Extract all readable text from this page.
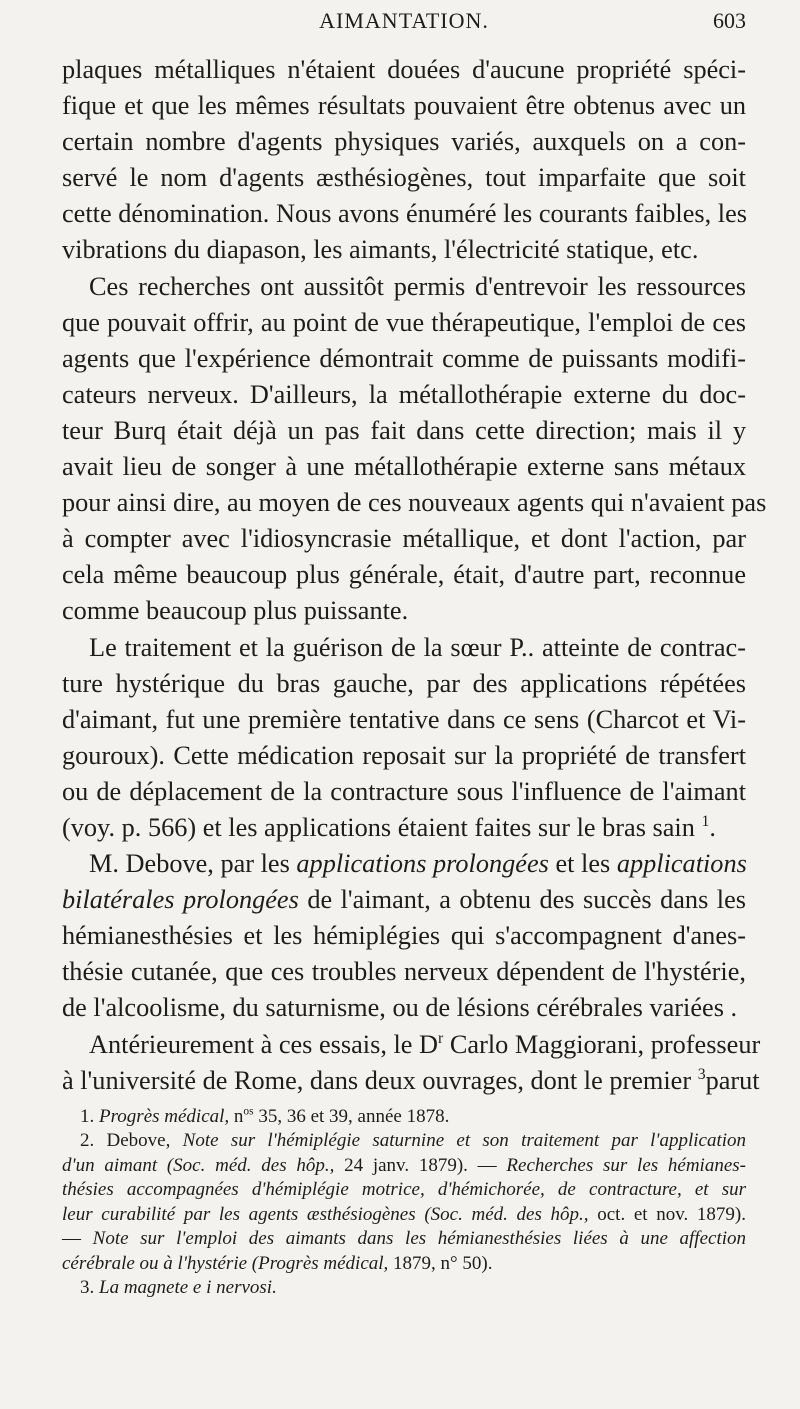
AIMANTATION.	603
plaques métalliques n'étaient douées d'aucune propriété spéci-
fique et que les mêmes résultats pouvaient être obtenus avec un
certain nombre d'agents physiques variés, auxquels on a con-
servé le nom d'agents æsthésiogènes, tout imparfaite que soit
cette dénomination. Nous avons énuméré les courants faibles, les
vibrations du diapason, les aimants, l'électricité statique, etc.
Ces recherches ont aussitôt permis d'entrevoir les ressources
que pouvait offrir, au point de vue thérapeutique, l'emploi de ces
agents que l'expérience démontrait comme de puissants modifi-
cateurs nerveux. D'ailleurs, la métallothérapie externe du doc-
teur Burq était déjà un pas fait dans cette direction; mais il y
avait lieu de songer à une métallothérapie externe sans métaux
pour ainsi dire, au moyen de ces nouveaux agents qui n'avaient pas
à compter avec l'idiosyncrasie métallique, et dont l'action, par
cela même beaucoup plus générale, était, d'autre part, reconnue
comme beaucoup plus puissante.
Le traitement et la guérison de la sœur P.. atteinte de contrac-
ture hystérique du bras gauche, par des applications répétées
d'aimant, fut une première tentative dans ce sens (Charcot et Vi-
gouroux). Cette médication reposait sur la propriété de transfert
ou de déplacement de la contracture sous l'influence de l'aimant
(voy. p. 566) et les applications étaient faites sur le bras sain $^1$.
M. Debove, par les applications prolongées et les applications
bilatérales prolongées de l'aimant, a obtenu des succès dans les
hémianesthésies et les hémiplégies qui s'accompagnent d'anes-
thésie cutanée, que ces troubles nerveux dépendent de l'hystérie,
de l'alcoolisme, du saturnisme, ou de lésions cérébrales variées .
Antérieurement à ces essais, le $D^r$ Carlo Maggiorani, professeur
à l'université de Rome, dans deux ouvrages, dont le premier $^3$parut
1. Progrès médical, $n^{os}$ 35, 36 et 39, année 1878.
2. Debove, Note sur l'hémiplégie saturnine et son traitement par l'application
d'un aimant (Soc. méd. des hôp., 24 janv. 1879). — Recherches sur les hémianes-
thésies accompagnées d'hémiplégie motrice, d'hémichorée, de contracture, et sur
leur curabilité par les agents æsthésiogènes (Soc. méd. des hôp., oct. et nov. 1879).
— Note sur l'emploi des aimants dans les hémianesthésies liées à une affection
cérébrale ou à l'hystérie (Progrès médical, 1879, n° 50).
3. La magnete e i nervosi.
